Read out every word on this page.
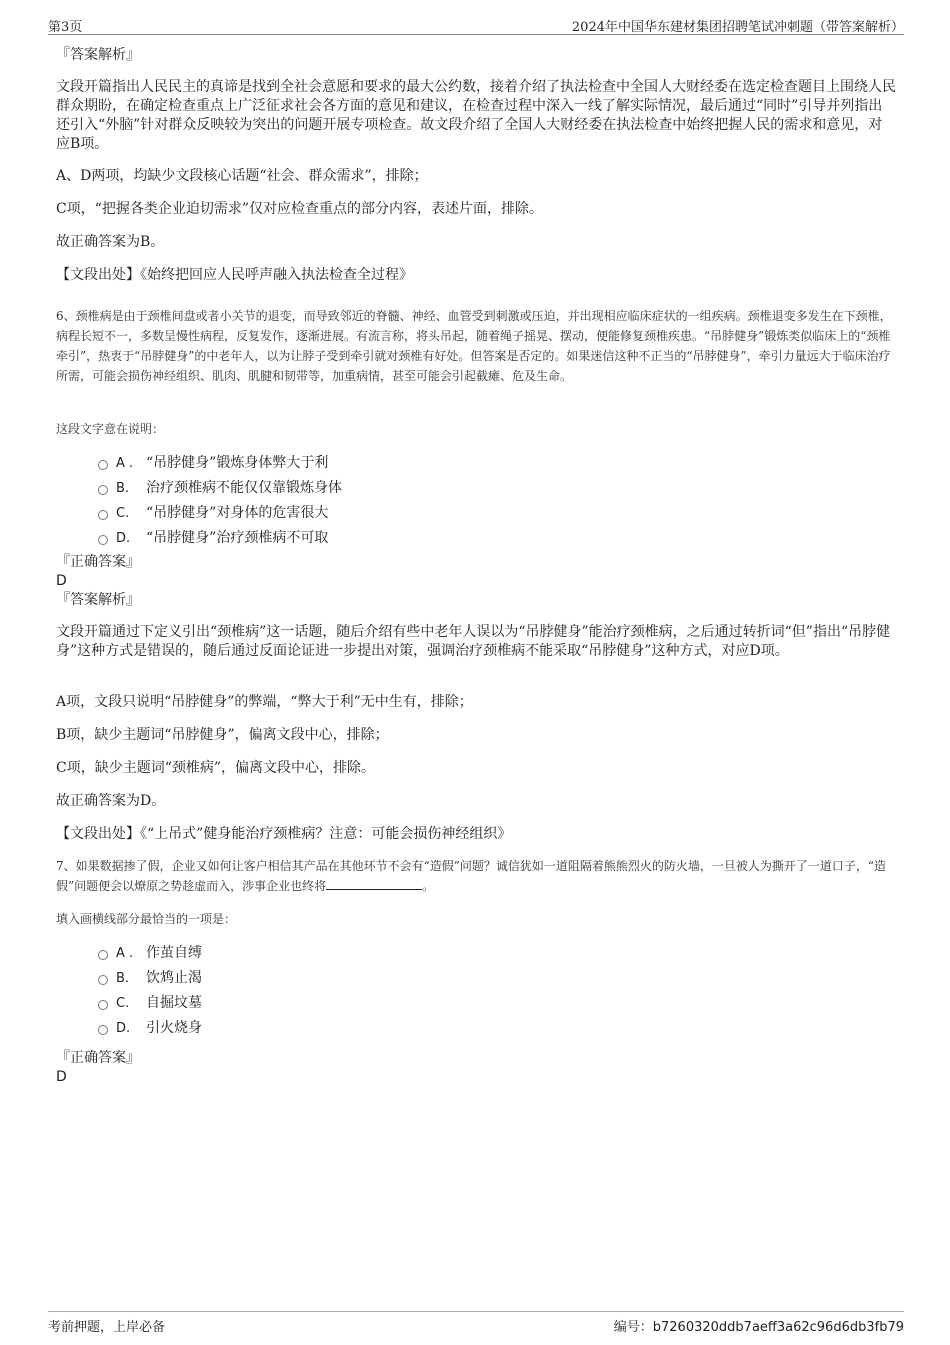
第3页	2024年中国华东建材集团招聘笔试冲刺题（带答案解析）
『答案解析』
文段开篇指出人民民主的真谛是找到全社会意愿和要求的最大公约数，接着介绍了执法检查中全国人大财经委在选定检查题目上围绕人民群众期盼，在确定检查重点上广泛征求社会各方面的意见和建议，在检查过程中深入一线了解实际情况，最后通过“同时”引导并列指出还引入“外脑”针对群众反映较为突出的问题开展专项检查。故文段介绍了全国人大财经委在执法检查中始终把握人民的需求和意见，对应B项。
A、D两项，均缺少文段核心话题“社会、群众需求”，排除；
C项，“把握各类企业迫切需求”仅对应检查重点的部分内容，表述片面，排除。
故正确答案为B。
【文段出处】《始终把回应人民呼声融入执法检查全过程》
6、颈椎病是由于颈椎间盘或者小关节的退变，而导致邻近的脊髓、神经、血管受到刺激或压迫，并出现相应临床症状的一组疾病。颈椎退变多发生在下颈椎，病程长短不一，多数呈慢性病程，反复发作，逐渐进展。有流言称，将头吊起，随着绳子摇晃、摆动，便能修复颈椎疾患。“吊脖健身”锻炼类似临床上的“颈椎牵引”，热衷于“吊脖健身”的中老年人，以为让脖子受到牵引就对颈椎有好处。但答案是否定的。如果迷信这种不正当的“吊脖健身”，牵引力量远大于临床治疗所需，可能会损伤神经组织、肌肉、肌腱和韧带等，加重病情，甚至可能会引起截瘫、危及生命。
这段文字意在说明：
A . “吊脖健身”锻炼身体弊大于利
B. 治疗颈椎病不能仅仅靠锻炼身体
C. “吊脖健身”对身体的危害很大
D. “吊脖健身”治疗颈椎病不可取
『正确答案』
D
『答案解析』
文段开篇通过下定义引出“颈椎病”这一话题，随后介绍有些中老年人误以为“吊脖健身”能治疗颈椎病，之后通过转折词“但”指出“吊脖健身”这种方式是错误的，随后通过反面论证进一步提出对策，强调治疗颈椎病不能采取“吊脖健身”这种方式，对应D项。
A项，文段只说明“吊脖健身”的弊端，“弊大于利”无中生有，排除；
B项，缺少主题词“吊脖健身”，偏离文段中心，排除；
C项，缺少主题词“颈椎病”，偏离文段中心，排除。
故正确答案为D。
【文段出处】《“上吊式”健身能治疗颈椎病？注意：可能会损伤神经组织》
7、如果数据掺了假，企业又如何让客户相信其产品在其他环节不会有“造假”问题？诚信犹如一道阻隔着熊熊烈火的防火墙，一旦被人为撕开了一道口子，“造假”问题便会以燎原之势趁虚而入，涉事企业也终将	。
填入画横线部分最恰当的一项是：
A . 作茧自缚
B. 饮鸩止渴
C. 自掘坟墓
D. 引火烧身
『正确答案』
D
考前押题，上岸必备	编号：b7260320ddb7aeff3a62c96d6db3fb79
